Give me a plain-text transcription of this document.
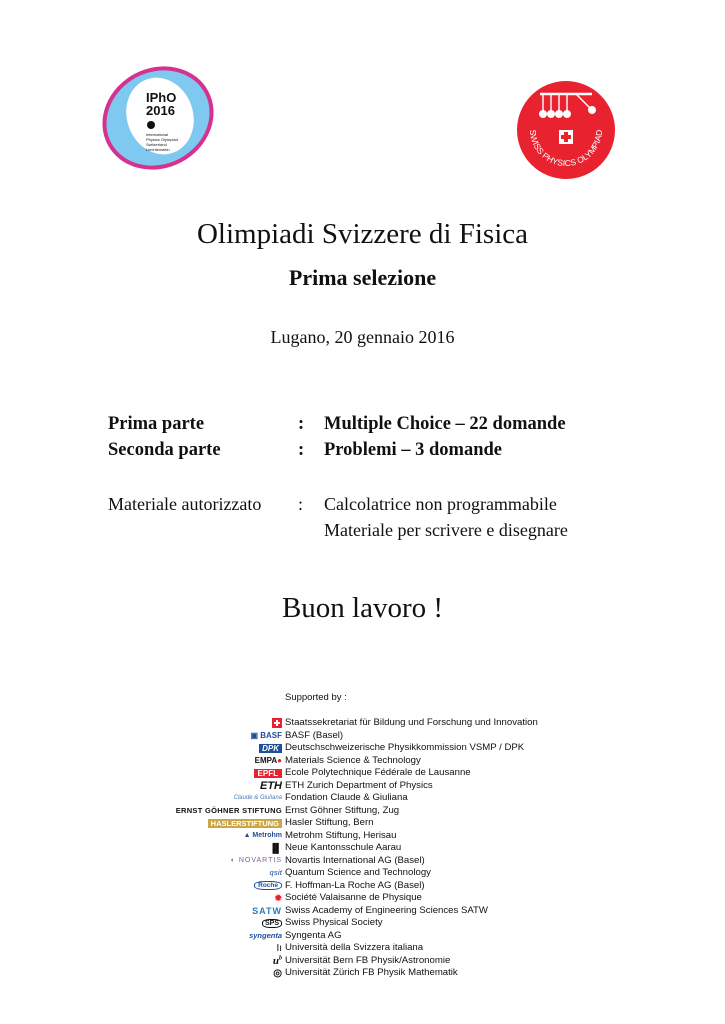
IPhO
2016
International
Physics Olympiad
Switzerland
Liechtenstein
SWISS PHYSICS OLYMPIAD
Olimpiadi Svizzere di Fisica
Prima selezione
Lugano, 20 gennaio 2016
Prima parte	: Multiple Choice – 22 domande
Seconda parte	: Problemi – 3 domande
Materiale autorizzato : Calcolatrice non programmabile
Materiale per scrivere e disegnare
Buon lavoro !
Supported by :
Staatssekretariat für Bildung und Forschung und Innovation
▣ BASF BASF (Basel)
DPK Deutschschweizerische Physikkommission VSMP / DPK
EMPA● Materials Science & Technology
EPFL Ecole Polytechnique Fédérale de Lausanne
ETH ETH Zurich Department of Physics
Claude & Giuliana Fondation Claude & Giuliana
ERNST GÖHNER STIFTUNG Ernst Göhner Stiftung, Zug
HASLERSTIFTUNG Hasler Stiftung, Bern
▲ Metrohm Metrohm Stiftung, Herisau
▐▌ Neue Kantonsschule Aarau
◐ NOVARTIS Novartis International AG (Basel)
qsit Quantum Science and Technology
Roche F. Hoffman-La Roche AG (Basel)
✹ Société Valaisanne de Physique
SATW Swiss Academy of Engineering Sciences SATW
SPS Swiss Physical Society
syngenta Syngenta AG
Iı Università della Svizzera italiana
$u^b$ Universität Bern FB Physik/Astronomie
◎ Universität Zürich FB Physik Mathematik
